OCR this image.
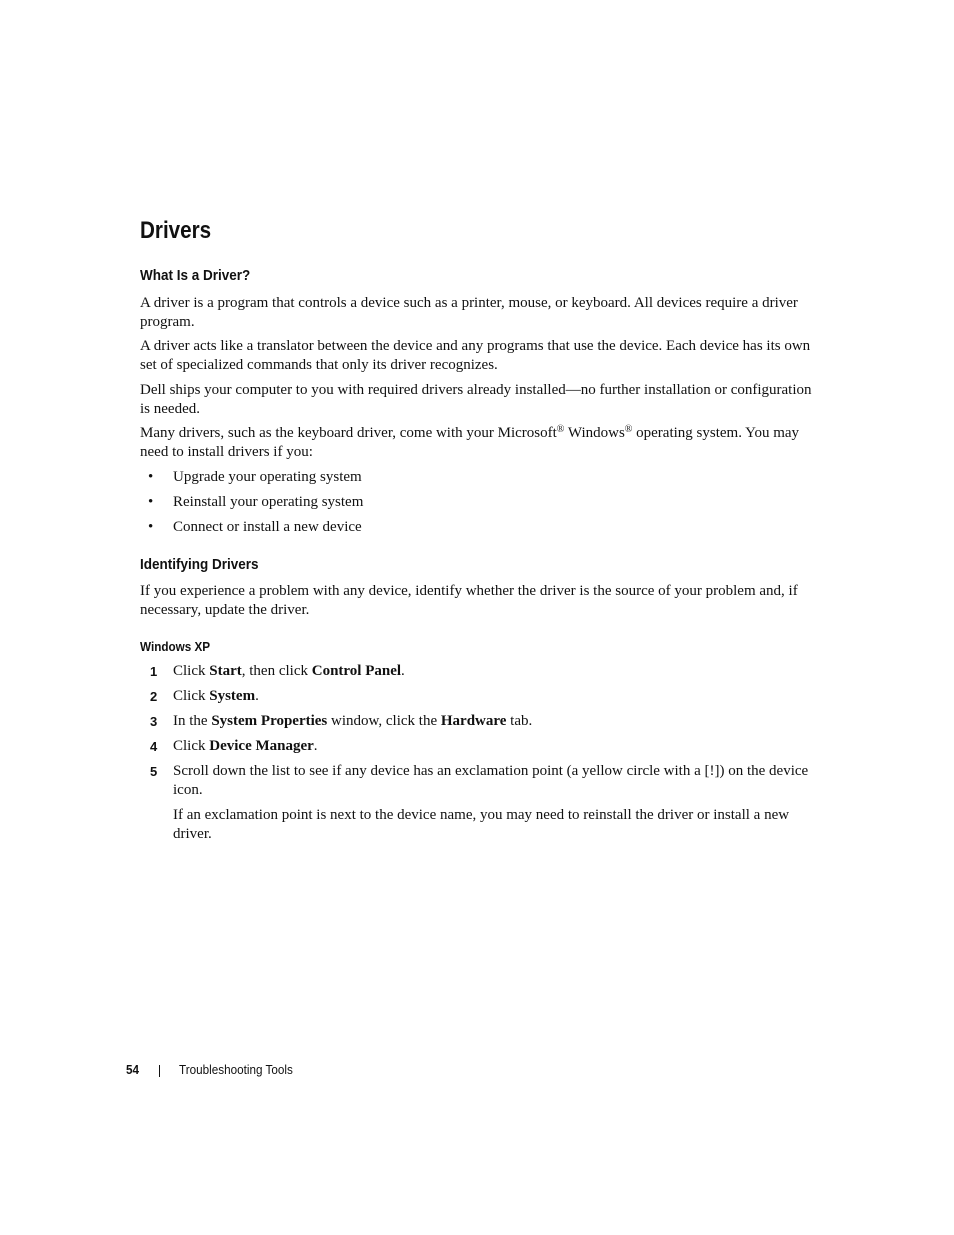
Drivers
What Is a Driver?

A driver is a program that controls a device such as a printer, mouse, or keyboard. All devices require a driver program.

A driver acts like a translator between the device and any programs that use the device. Each device has its own set of specialized commands that only its driver recognizes.

Dell ships your computer to you with required drivers already installed—no further installation or configuration is needed.

Many drivers, such as the keyboard driver, come with your Microsoft® Windows® operating system. You may need to install drivers if you:

• Upgrade your operating system
• Reinstall your operating system
• Connect or install a new device
Identifying Drivers

If you experience a problem with any device, identify whether the driver is the source of your problem and, if necessary, update the driver.

Windows XP
1 Click Start, then click Control Panel.
2 Click System.
3 In the System Properties window, click the Hardware tab.
4 Click Device Manager.
5 Scroll down the list to see if any device has an exclamation point (a yellow circle with a [!]) on the device icon.
If an exclamation point is next to the device name, you may need to reinstall the driver or install a new driver.
54	Troubleshooting Tools
